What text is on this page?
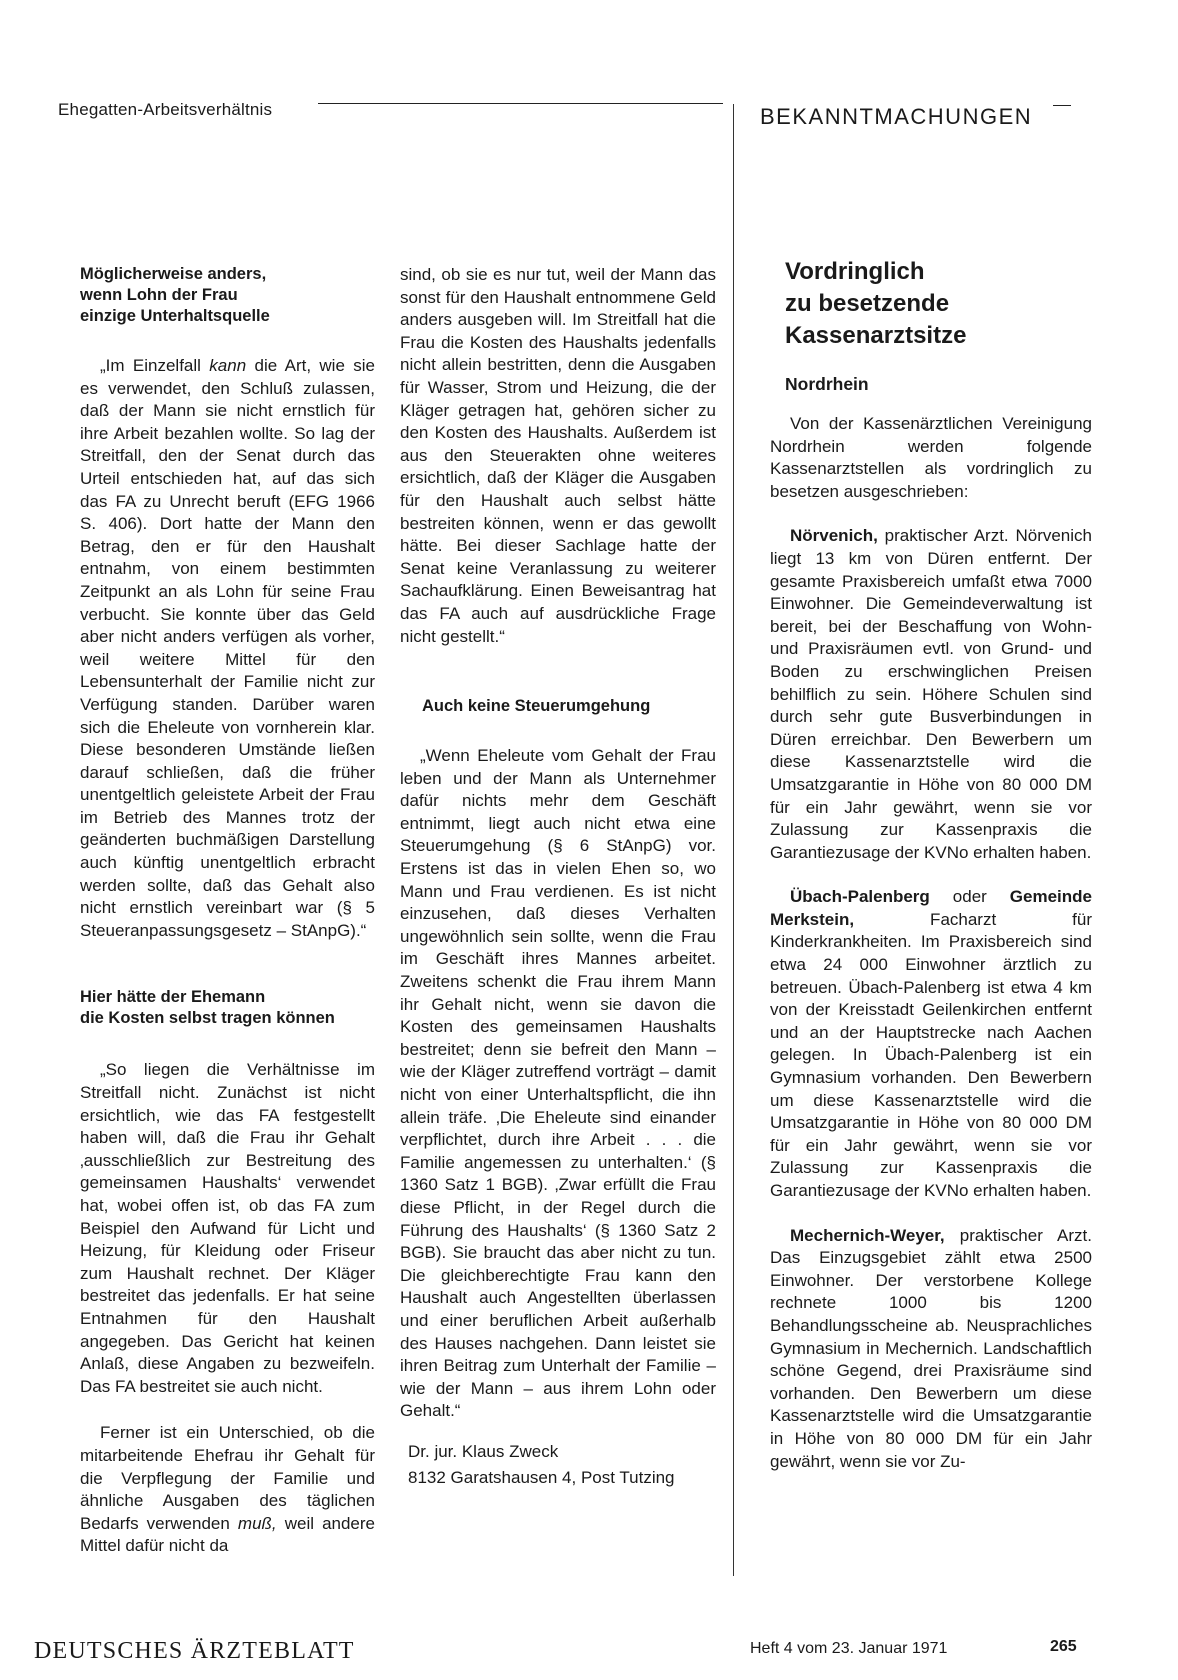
Ehegatten-Arbeitsverhältnis	BEKANNTMACHUNGEN
Möglicherweise anders,
wenn Lohn der Frau
einzige Unterhaltsquelle

„Im Einzelfall kann die Art, wie sie es verwendet, den Schluß zulassen, daß der Mann sie nicht ernstlich für ihre Arbeit bezahlen wollte. So lag der Streitfall, den der Senat durch das Urteil entschieden hat, auf das sich das FA zu Unrecht beruft (EFG 1966 S. 406). Dort hatte der Mann den Betrag, den er für den Haushalt entnahm, von einem bestimmten Zeitpunkt an als Lohn für seine Frau verbucht. Sie konnte über das Geld aber nicht anders verfügen als vorher, weil weitere Mittel für den Lebensunterhalt der Familie nicht zur Verfügung standen. Darüber waren sich die Eheleute von vornherein klar. Diese besonderen Umstände ließen darauf schließen, daß die früher unentgeltlich geleistete Arbeit der Frau im Betrieb des Mannes trotz der geänderten buchmäßigen Darstellung auch künftig unentgeltlich erbracht werden sollte, daß das Gehalt also nicht ernstlich vereinbart war (§ 5 Steueranpassungsgesetz – StAnpG).“

Hier hätte der Ehemann
die Kosten selbst tragen können

„So liegen die Verhältnisse im Streitfall nicht. Zunächst ist nicht ersichtlich, wie das FA festgestellt haben will, daß die Frau ihr Gehalt ‚ausschließlich zur Bestreitung des gemeinsamen Haushalts‘ verwendet hat, wobei offen ist, ob das FA zum Beispiel den Aufwand für Licht und Heizung, für Kleidung oder Friseur zum Haushalt rechnet. Der Kläger bestreitet das jedenfalls. Er hat seine Entnahmen für den Haushalt angegeben. Das Gericht hat keinen Anlaß, diese Angaben zu bezweifeln. Das FA bestreitet sie auch nicht.

Ferner ist ein Unterschied, ob die mitarbeitende Ehefrau ihr Gehalt für die Verpflegung der Familie und ähnliche Ausgaben des täglichen Bedarfs verwenden muß, weil andere Mittel dafür nicht da

sind, ob sie es nur tut, weil der Mann das sonst für den Haushalt entnommene Geld anders ausgeben will. Im Streitfall hat die Frau die Kosten des Haushalts jedenfalls nicht allein bestritten, denn die Ausgaben für Wasser, Strom und Heizung, die der Kläger getragen hat, gehören sicher zu den Kosten des Haushalts. Außerdem ist aus den Steuerakten ohne weiteres ersichtlich, daß der Kläger die Ausgaben für den Haushalt auch selbst hätte bestreiten können, wenn er das gewollt hätte. Bei dieser Sachlage hatte der Senat keine Veranlassung zu weiterer Sachaufklärung. Einen Beweisantrag hat das FA auch auf ausdrückliche Frage nicht gestellt.“

Auch keine Steuerumgehung

„Wenn Eheleute vom Gehalt der Frau leben und der Mann als Unternehmer dafür nichts mehr dem Geschäft entnimmt, liegt auch nicht etwa eine Steuerumgehung (§ 6 StAnpG) vor. Erstens ist das in vielen Ehen so, wo Mann und Frau verdienen. Es ist nicht einzusehen, daß dieses Verhalten ungewöhnlich sein sollte, wenn die Frau im Geschäft ihres Mannes arbeitet. Zweitens schenkt die Frau ihrem Mann ihr Gehalt nicht, wenn sie davon die Kosten des gemeinsamen Haushalts bestreitet; denn sie befreit den Mann – wie der Kläger zutreffend vorträgt – damit nicht von einer Unterhaltspflicht, die ihn allein träfe. ‚Die Eheleute sind einander verpflichtet, durch ihre Arbeit . . . die Familie angemessen zu unterhalten.‘ (§ 1360 Satz 1 BGB). ‚Zwar erfüllt die Frau diese Pflicht, in der Regel durch die Führung des Haushalts‘ (§ 1360 Satz 2 BGB). Sie braucht das aber nicht zu tun. Die gleichberechtigte Frau kann den Haushalt auch Angestellten überlassen und einer beruflichen Arbeit außerhalb des Hauses nachgehen. Dann leistet sie ihren Beitrag zum Unterhalt der Familie – wie der Mann – aus ihrem Lohn oder Gehalt.“

Dr. jur. Klaus Zweck

8132 Garatshausen 4, Post Tutzing

Vordringlich
zu besetzende
Kassenarztsitze

Nordrhein

Von der Kassenärztlichen Vereinigung Nordrhein werden folgende Kassenarztstellen als vordringlich zu besetzen ausgeschrieben:

Nörvenich, praktischer Arzt. Nörvenich liegt 13 km von Düren entfernt. Der gesamte Praxisbereich umfaßt etwa 7000 Einwohner. Die Gemeindeverwaltung ist bereit, bei der Beschaffung von Wohn- und Praxisräumen evtl. von Grund- und Boden zu erschwinglichen Preisen behilflich zu sein. Höhere Schulen sind durch sehr gute Busverbindungen in Düren erreichbar. Den Bewerbern um diese Kassenarztstelle wird die Umsatzgarantie in Höhe von 80 000 DM für ein Jahr gewährt, wenn sie vor Zulassung zur Kassenpraxis die Garantiezusage der KVNo erhalten haben.

Übach-Palenberg oder Gemeinde Merkstein, Facharzt für Kinderkrankheiten. Im Praxisbereich sind etwa 24 000 Einwohner ärztlich zu betreuen. Übach-Palenberg ist etwa 4 km von der Kreisstadt Geilenkirchen entfernt und an der Hauptstrecke nach Aachen gelegen. In Übach-Palenberg ist ein Gymnasium vorhanden. Den Bewerbern um diese Kassenarztstelle wird die Umsatzgarantie in Höhe von 80 000 DM für ein Jahr gewährt, wenn sie vor Zulassung zur Kassenpraxis die Garantiezusage der KVNo erhalten haben.

Mechernich-Weyer, praktischer Arzt. Das Einzugsgebiet zählt etwa 2500 Einwohner. Der verstorbene Kollege rechnete 1000 bis 1200 Behandlungsscheine ab. Neusprachliches Gymnasium in Mechernich. Landschaftlich schöne Gegend, drei Praxisräume sind vorhanden. Den Bewerbern um diese Kassenarztstelle wird die Umsatzgarantie in Höhe von 80 000 DM für ein Jahr gewährt, wenn sie vor Zu-

DEUTSCHES ÄRZTEBLATT	Heft 4 vom 23. Januar 1971	265
